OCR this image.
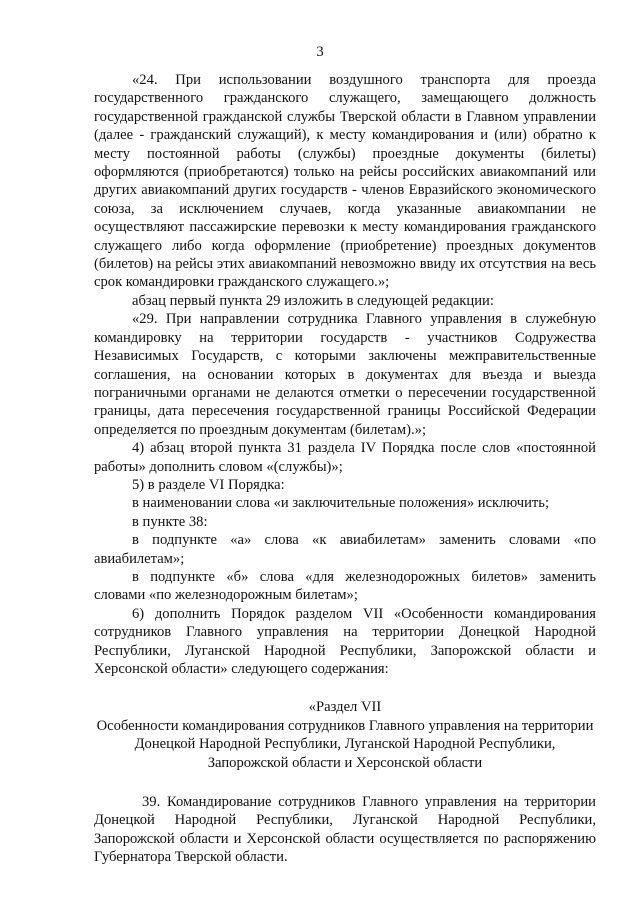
3

«24. При использовании воздушного транспорта для проезда государственного гражданского служащего, замещающего должность государственной гражданской службы Тверской области в Главном управлении (далее - гражданский служащий), к месту командирования и (или) обратно к месту постоянной работы (службы) проездные документы (билеты) оформляются (приобретаются) только на рейсы российских авиакомпаний или других авиакомпаний других государств - членов Евразийского экономического союза, за исключением случаев, когда указанные авиакомпании не осуществляют пассажирские перевозки к месту командирования гражданского служащего либо когда оформление (приобретение) проездных документов (билетов) на рейсы этих авиакомпаний невозможно ввиду их отсутствия на весь срок командировки гражданского служащего.»;

абзац первый пункта 29 изложить в следующей редакции:

«29. При направлении сотрудника Главного управления в служебную командировку на территории государств - участников Содружества Независимых Государств, с которыми заключены межправительственные соглашения, на основании которых в документах для въезда и выезда пограничными органами не делаются отметки о пересечении государственной границы, дата пересечения государственной границы Российской Федерации определяется по проездным документам (билетам).»;

4) абзац второй пункта 31 раздела IV Порядка после слов «постоянной работы» дополнить словом «(службы)»;

5) в разделе VI Порядка:

в наименовании слова «и заключительные положения» исключить;

в пункте 38:

в подпункте «а» слова «к авиабилетам» заменить словами «по авиабилетам»;

в подпункте «б» слова «для железнодорожных билетов» заменить словами «по железнодорожным билетам»;

6) дополнить Порядок разделом VII «Особенности командирования сотрудников Главного управления на территории Донецкой Народной Республики, Луганской Народной Республики, Запорожской области и Херсонской области» следующего содержания:

«Раздел VII

Особенности командирования сотрудников Главного управления на территории Донецкой Народной Республики, Луганской Народной Республики, Запорожской области и Херсонской области

39. Командирование сотрудников Главного управления на территории Донецкой Народной Республики, Луганской Народной Республики, Запорожской области и Херсонской области осуществляется по распоряжению Губернатора Тверской области.
